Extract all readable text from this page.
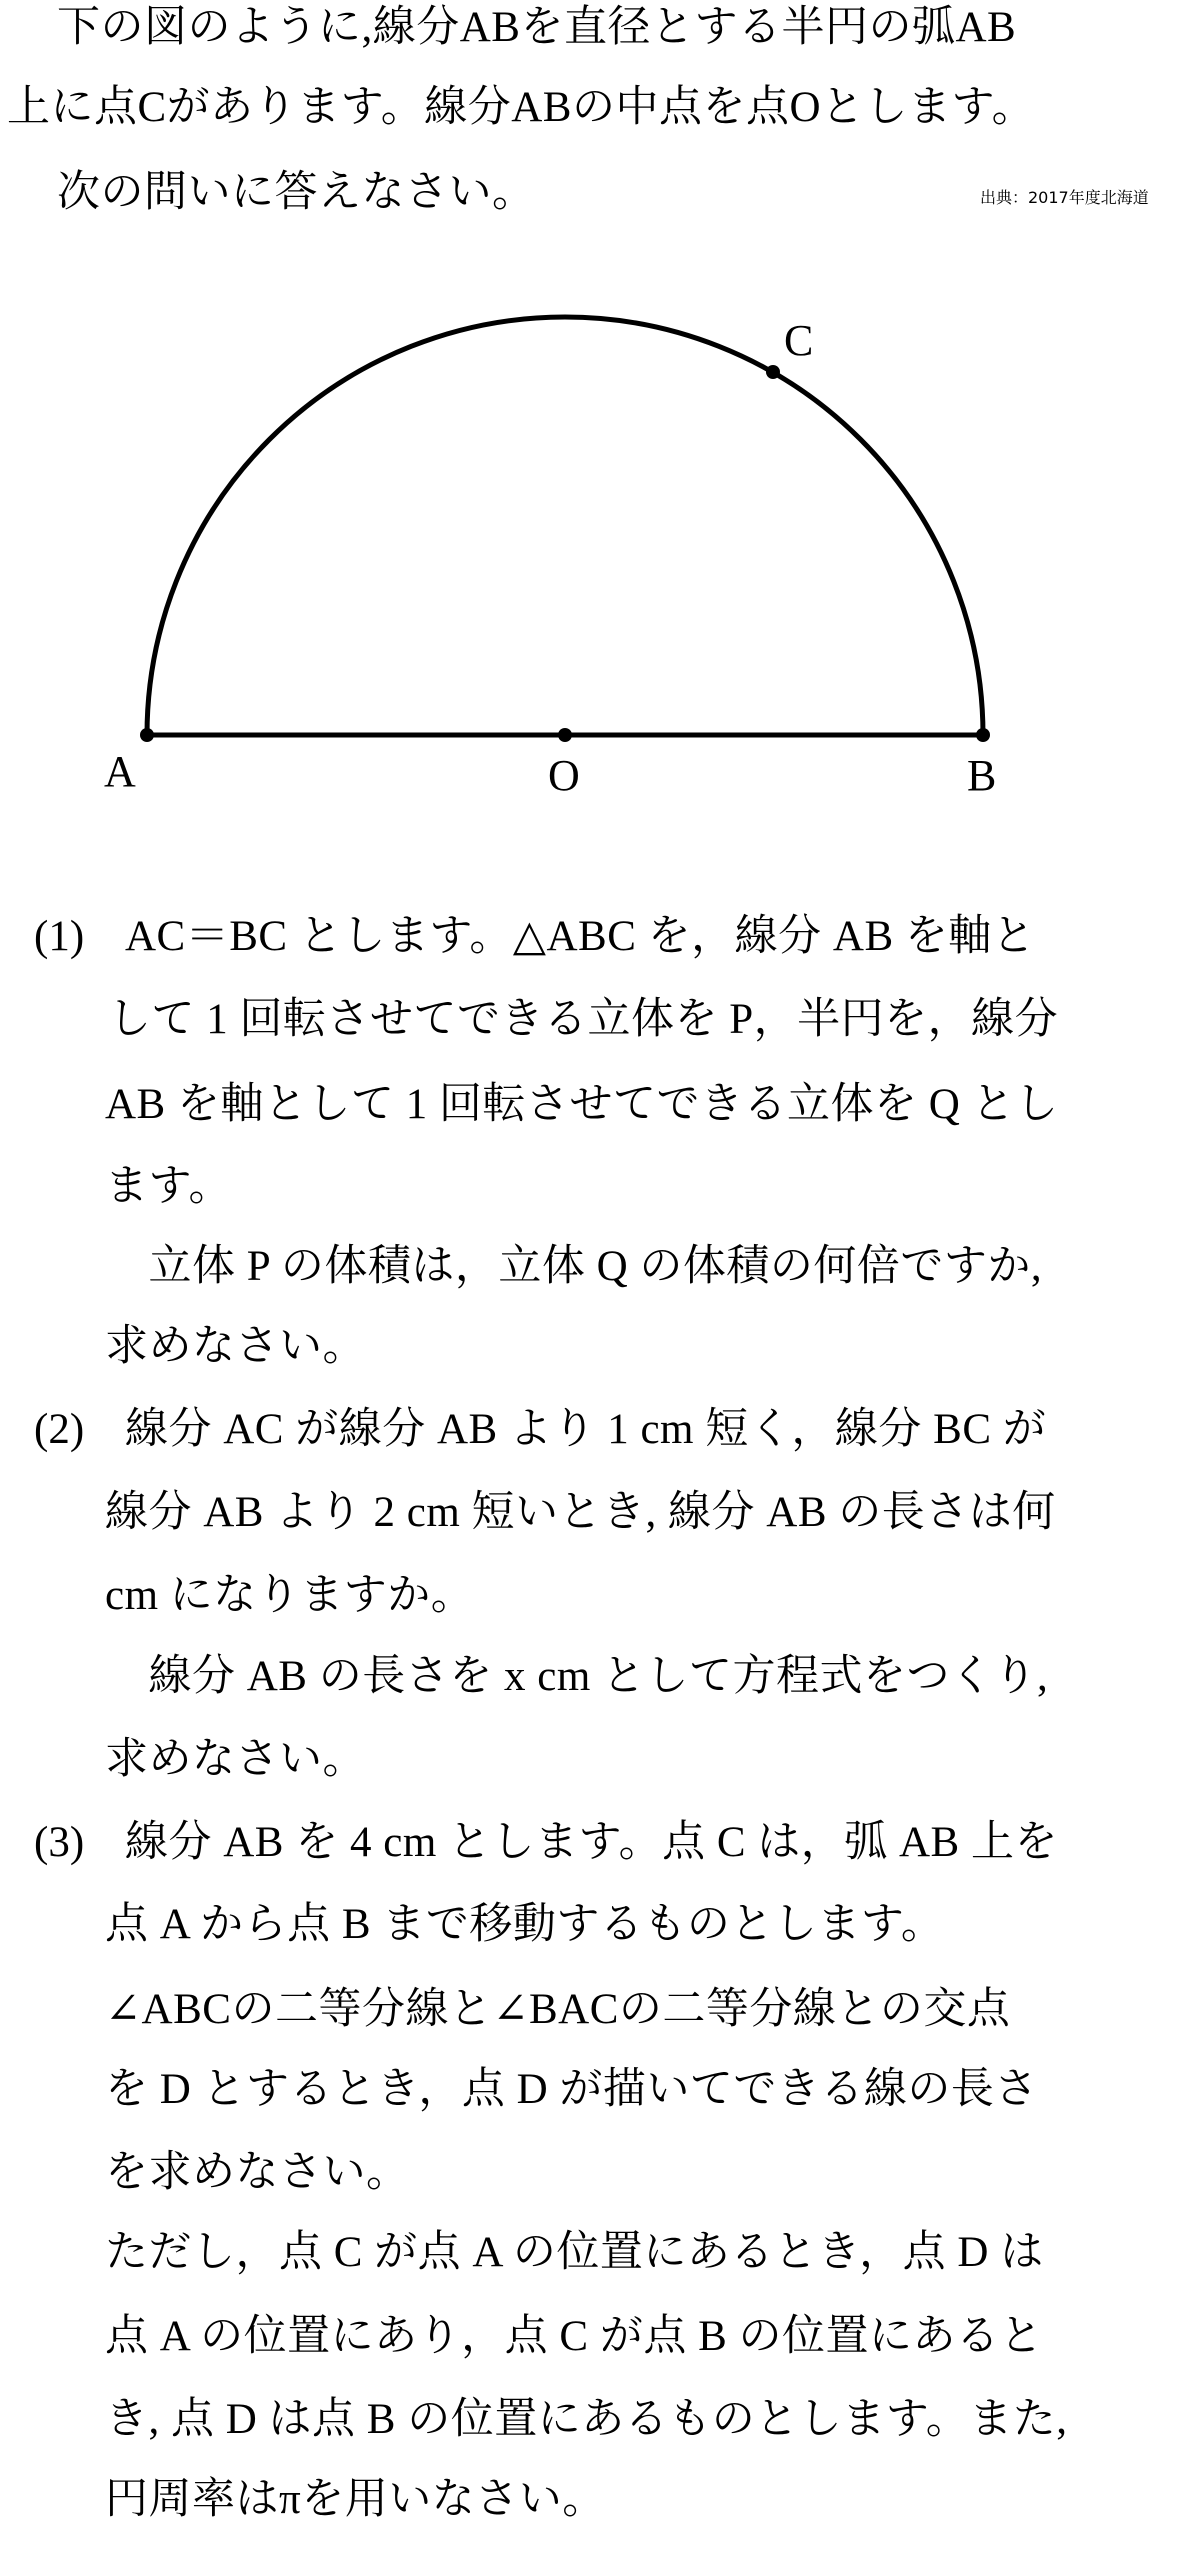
下の図のように,線分ABを直径とする半円の弧AB
上に点Cがあります。線分ABの中点を点Oとします。
次の問いに答えなさい。	出典：2017年度北海道
A	O	B
C
(1) AC＝BC とします。△ABC を，線分 AB を軸と
して 1 回転させてできる立体を P，半円を，線分
AB を軸として 1 回転させてできる立体を Q とし
ます。
　立体 P の体積は，立体 Q の体積の何倍ですか,
求めなさい。
(2) 線分 AC が線分 AB より 1 cm 短く，線分 BC が
線分 AB より 2 cm 短いとき, 線分 AB の長さは何
cm になりますか。
　線分 AB の長さを x cm として方程式をつくり,
求めなさい。
(3) 線分 AB を 4 cm とします。点 C は，弧 AB 上を
点 A から点 B まで移動するものとします。
∠ABCの二等分線と∠BACの二等分線との交点
を D とするとき，点 D が描いてできる線の長さ
を求めなさい。
ただし，点 C が点 A の位置にあるとき，点 D は
点 A の位置にあり，点 C が点 B の位置にあると
き, 点 D は点 B の位置にあるものとします。また,
円周率はπを用いなさい。
